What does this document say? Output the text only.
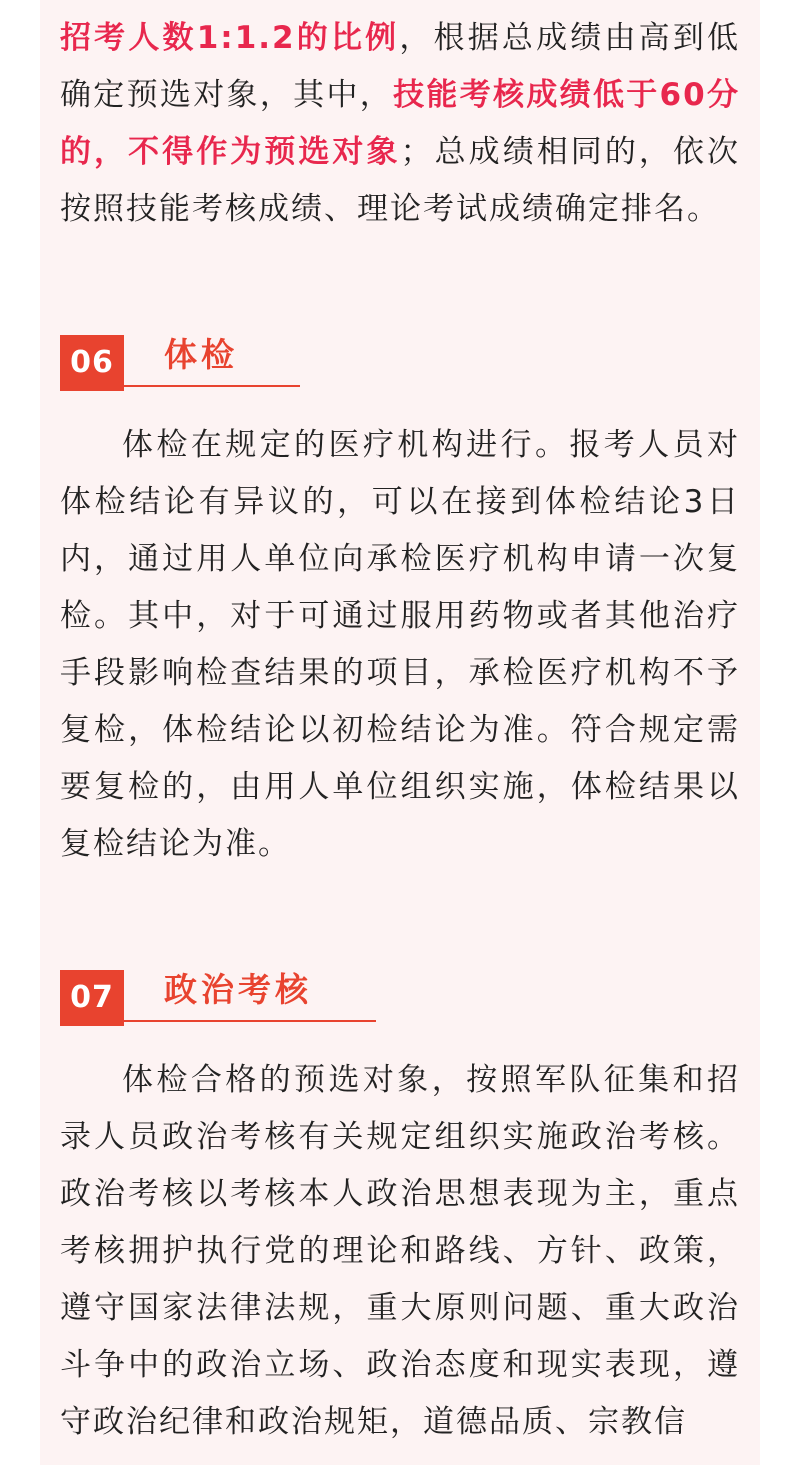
招考人数1:1.2的比例，根据总成绩由高到低确定预选对象，其中，技能考核成绩低于60分的，不得作为预选对象；总成绩相同的，依次按照技能考核成绩、理论考试成绩确定排名。

06	体检

体检在规定的医疗机构进行。报考人员对体检结论有异议的，可以在接到体检结论3日内，通过用人单位向承检医疗机构申请一次复检。其中，对于可通过服用药物或者其他治疗手段影响检查结果的项目，承检医疗机构不予复检，体检结论以初检结论为准。符合规定需要复检的，由用人单位组织实施，体检结果以复检结论为准。

07	政治考核

体检合格的预选对象，按照军队征集和招录人员政治考核有关规定组织实施政治考核。政治考核以考核本人政治思想表现为主，重点考核拥护执行党的理论和路线、方针、政策，遵守国家法律法规，重大原则问题、重大政治斗争中的政治立场、政治态度和现实表现，遵守政治纪律和政治规矩，道德品质、宗教信
